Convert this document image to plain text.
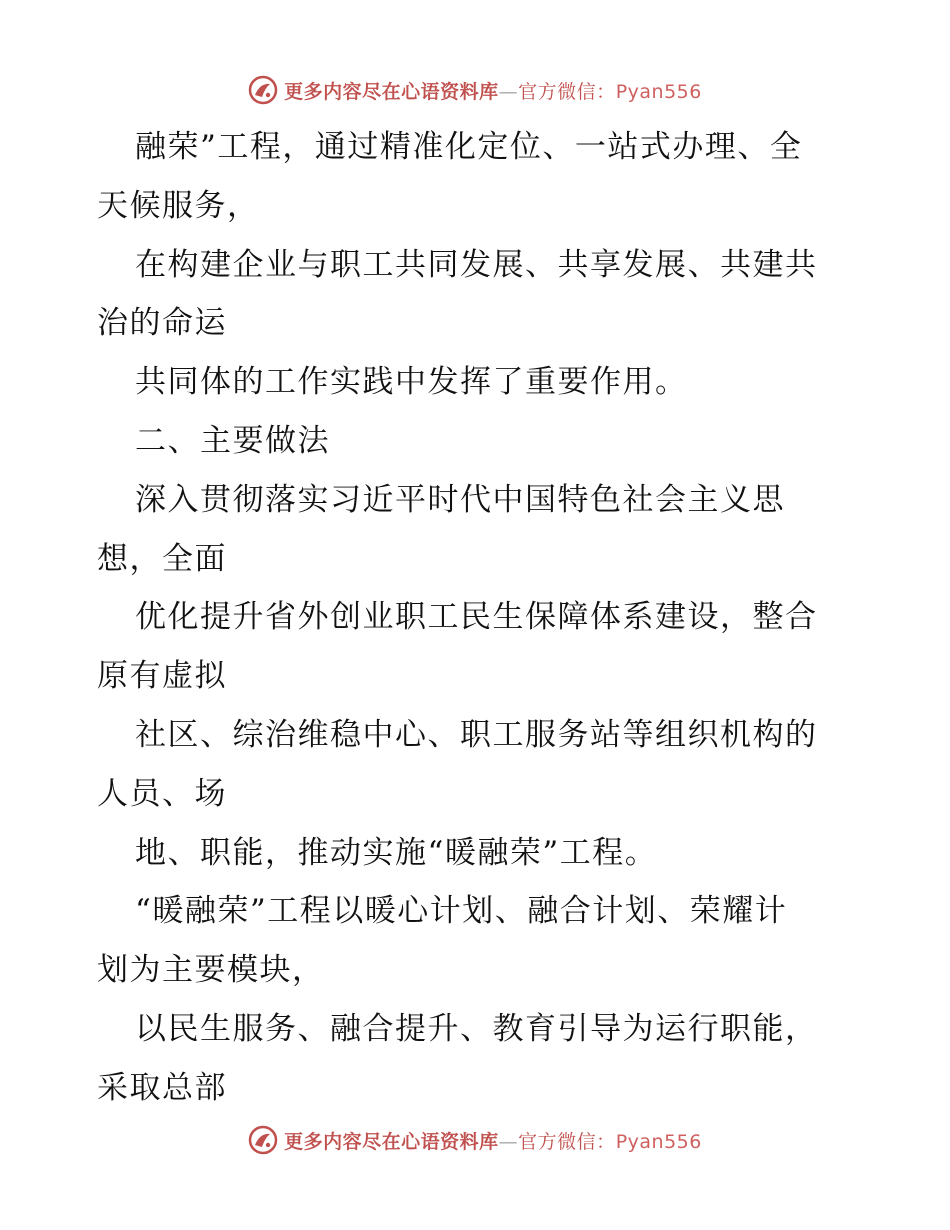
更多内容尽在心语资料库—官方微信：Pyan556
融荣”工程，通过精准化定位、一站式办理、全
天候服务，
在构建企业与职工共同发展、共享发展、共建共
治的命运
共同体的工作实践中发挥了重要作用。
二、主要做法
深入贯彻落实习近平时代中国特色社会主义思
想，全面
优化提升省外创业职工民生保障体系建设，整合
原有虚拟
社区、综治维稳中心、职工服务站等组织机构的
人员、场
地、职能，推动实施“暖融荣”工程。
“暖融荣”工程以暖心计划、融合计划、荣耀计
划为主要模块，
以民生服务、融合提升、教育引导为运行职能，
采取总部
更多内容尽在心语资料库—官方微信：Pyan556
